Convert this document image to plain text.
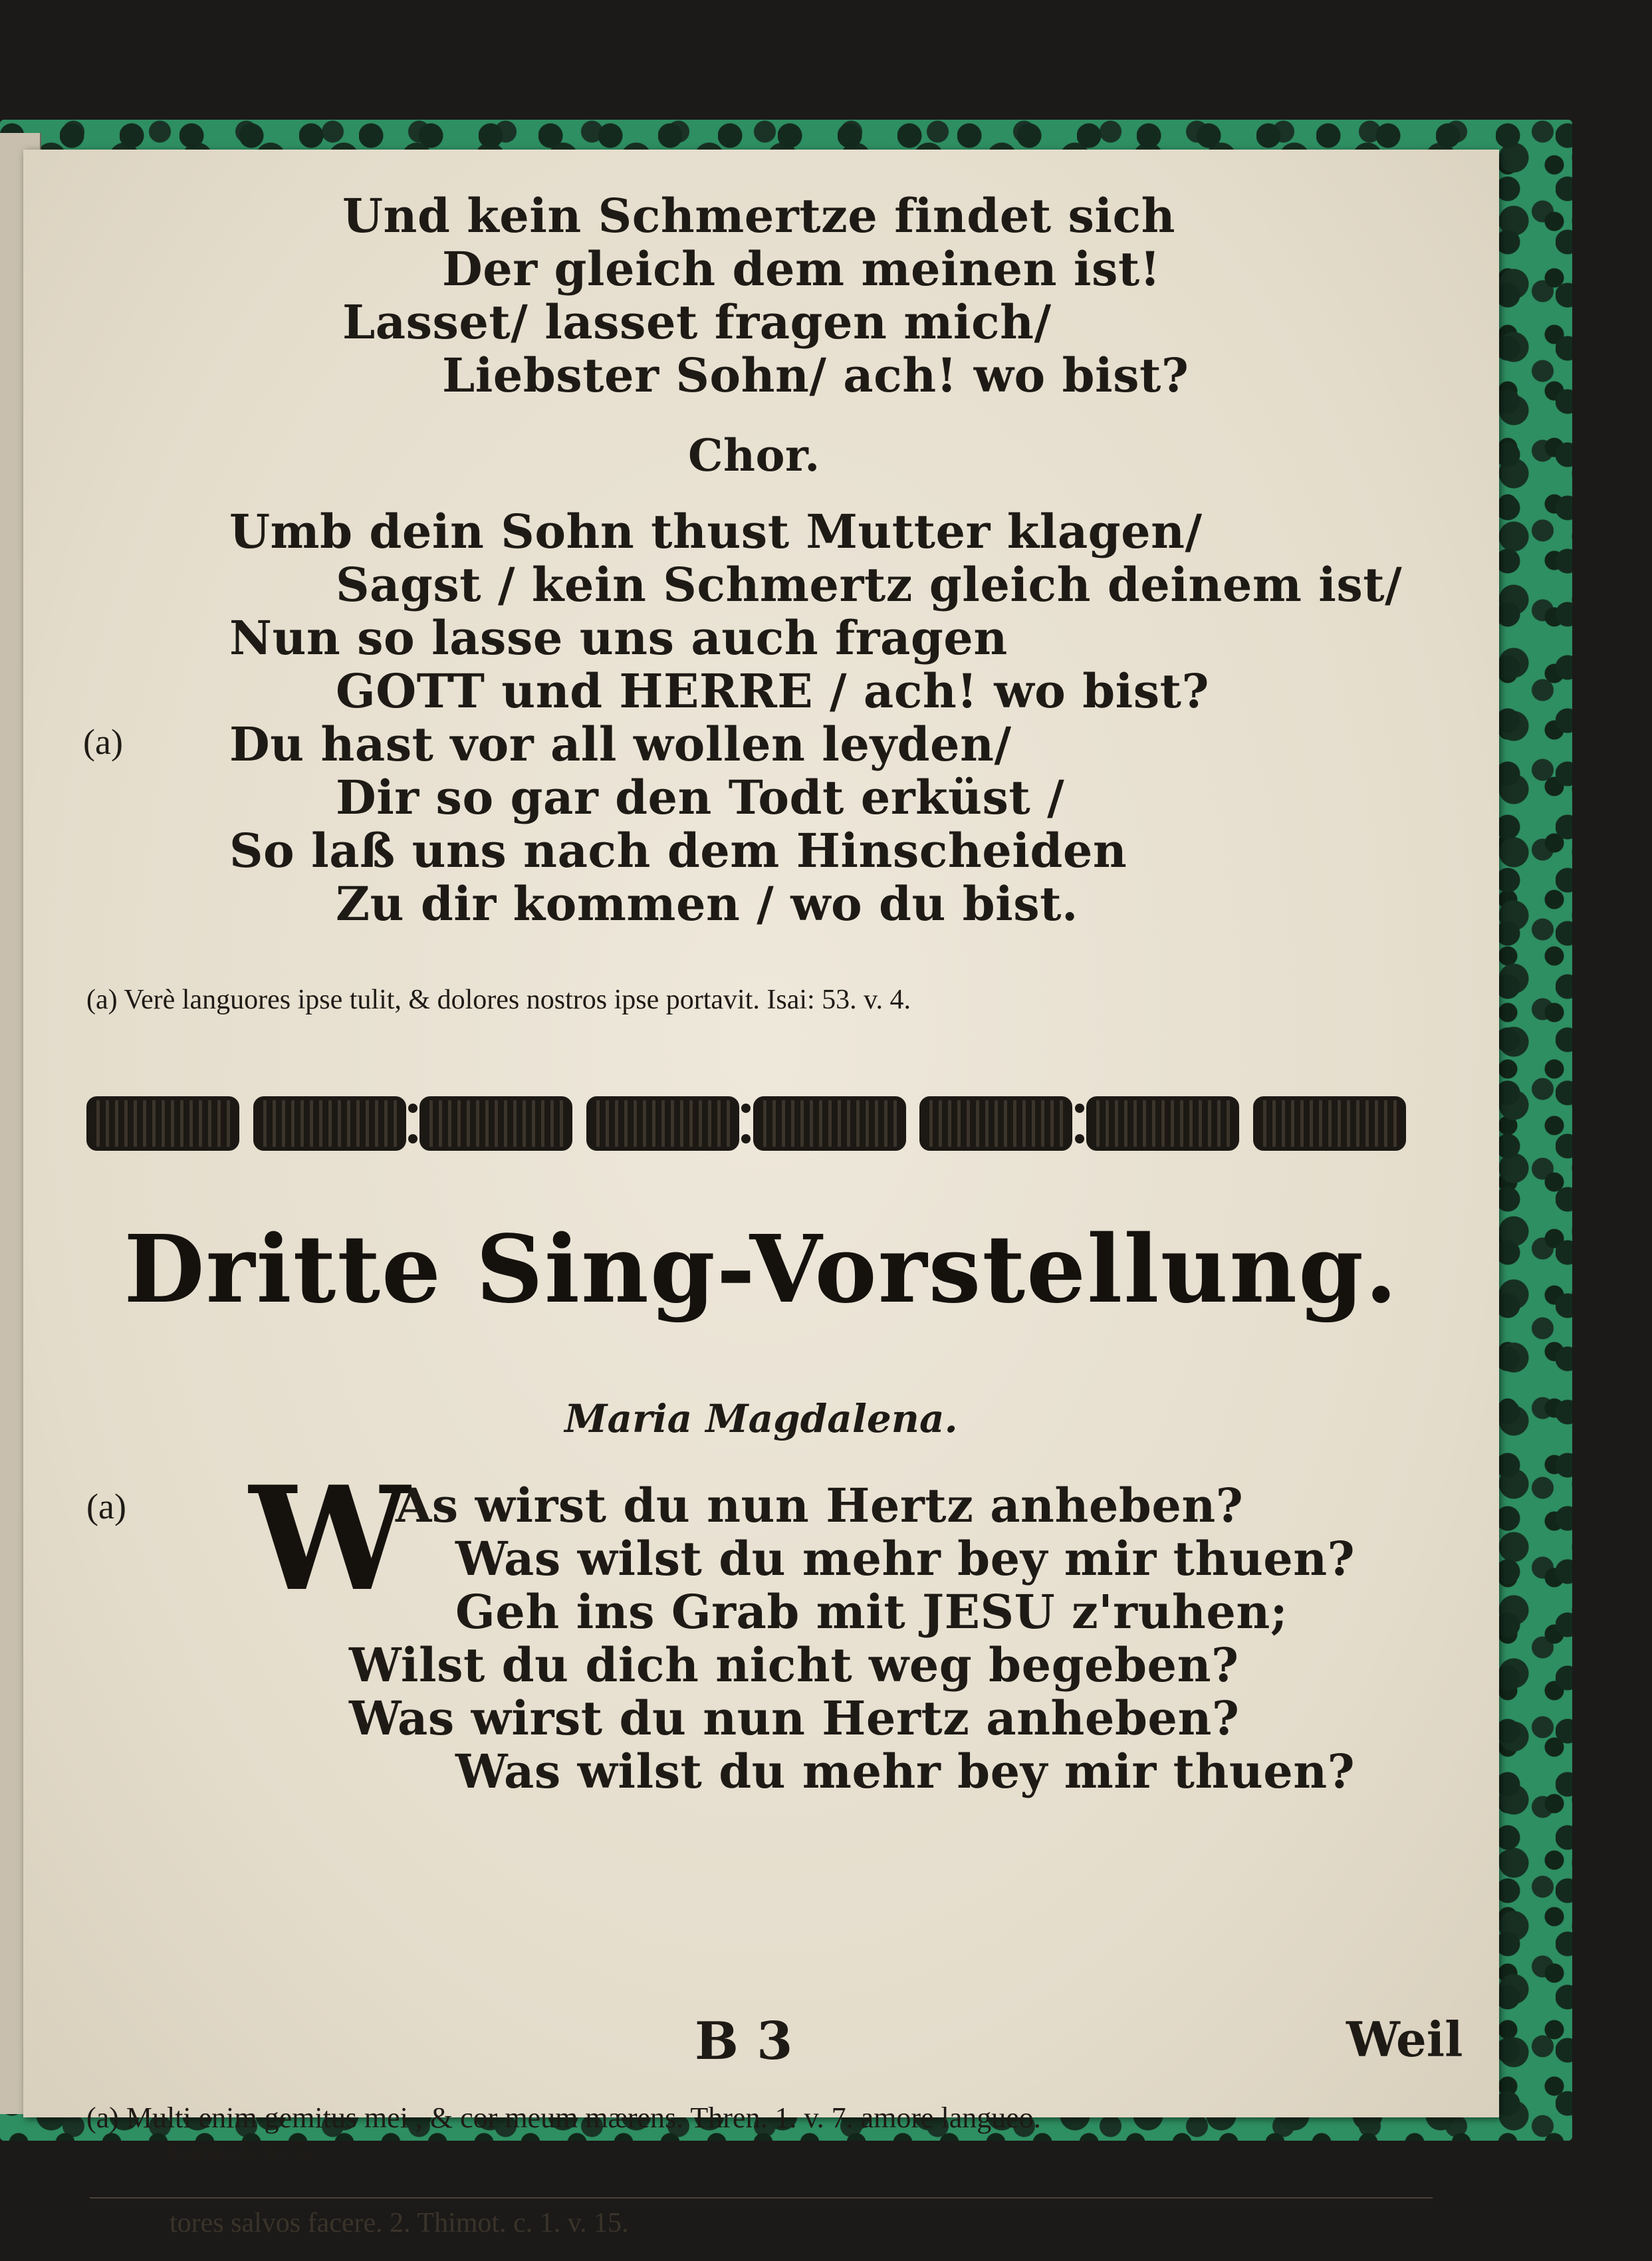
Und kein Schmertze findet sich
Der gleich dem meinen ist!
Lasset/ lasset fragen mich/
Liebster Sohn/ ach! wo bist?
Chor.
Umb dein Sohn thust Mutter klagen/
Sagst / kein Schmertz gleich deinem ist/
Nun so lasse uns auch fragen
GOTT und HERRE / ach! wo bist?
(a) Du hast vor all wollen leyden/
Dir so gar den Todt erküst /
So laß uns nach dem Hinscheiden
Zu dir kommen / wo du bist.
(a) Verè languores ipse tulit, & dolores nostros ipse portavit. Isai: 53. v. 4.
Dritte Sing-Vorstellung.
Maria Magdalena.
(a) W
As wirst du nun Hertz anheben?
Was wilst du mehr bey mir thuen?
Geh ins Grab mit JESU z'ruhen;
Wilst du dich nicht weg begeben?
Was wirst du nun Hertz anheben?
Was wilst du mehr bey mir thuen?
B 3	Weil
(a) Multi enim gemitus mei , & cor meum mærens. Thren. 1. v. 7. amore langueo.
Cant. 2. v. 5.
tores salvos facere. 2. Thimot. c. 1. v. 15.
